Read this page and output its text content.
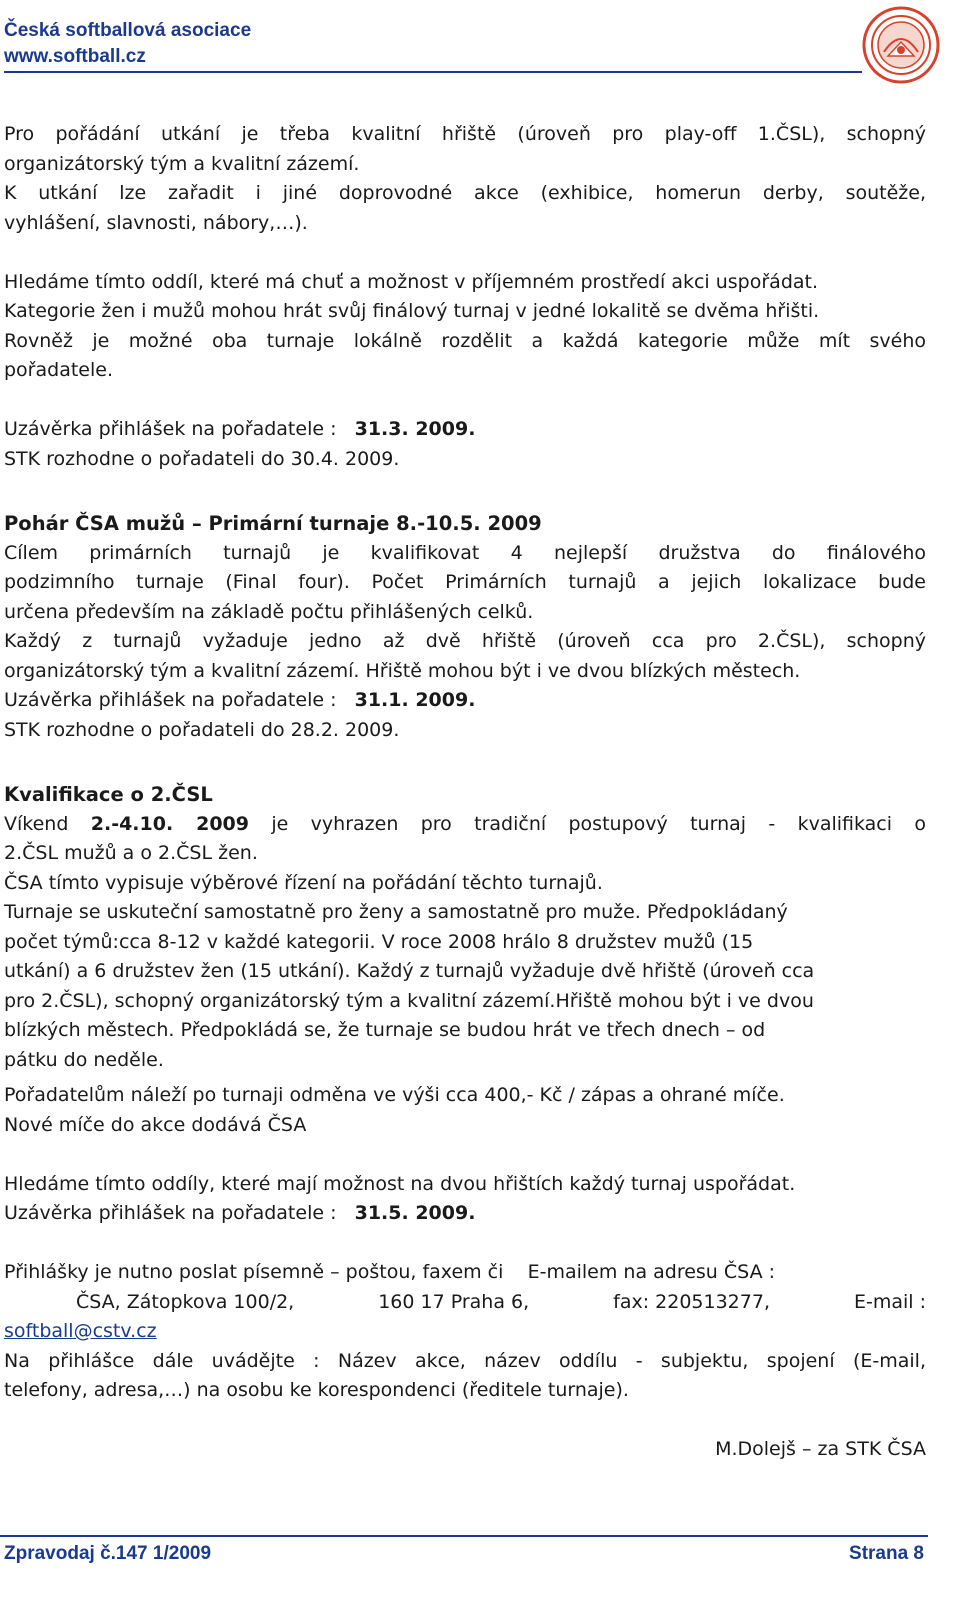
Česká softballová asociace
www.softball.cz

Pro pořádání utkání je třeba kvalitní hřiště (úroveň pro play-off 1.ČSL), schopný

organizátorský tým a kvalitní zázemí.

K utkání lze zařadit i jiné doprovodné akce (exhibice, homerun derby, soutěže,

vyhlášení, slavnosti, nábory,…).

Hledáme tímto oddíl, které má chuť a možnost v příjemném prostředí akci uspořádat.

Kategorie žen i mužů mohou hrát svůj finálový turnaj v jedné lokalitě se dvěma hřišti.

Rovněž je možné oba turnaje lokálně rozdělit a každá kategorie může mít svého

pořadatele.

Uzávěrka přihlášek na pořadatele : 31.3. 2009.

STK rozhodne o pořadateli do 30.4. 2009.

Pohár ČSA mužů – Primární turnaje 8.-10.5. 2009

Cílem primárních turnajů je kvalifikovat 4 nejlepší družstva do finálového

podzimního turnaje (Final four). Počet Primárních turnajů a jejich lokalizace bude

určena především na základě počtu přihlášených celků.

Každý z turnajů vyžaduje jedno až dvě hřiště (úroveň cca pro 2.ČSL), schopný

organizátorský tým a kvalitní zázemí. Hřiště mohou být i ve dvou blízkých městech.

Uzávěrka přihlášek na pořadatele : 31.1. 2009.

STK rozhodne o pořadateli do 28.2. 2009.

Kvalifikace o 2.ČSL

Víkend 2.-4.10. 2009 je vyhrazen pro tradiční postupový turnaj - kvalifikaci o

2.ČSL mužů a o 2.ČSL žen.

ČSA tímto vypisuje výběrové řízení na pořádání těchto turnajů.

Turnaje se uskuteční samostatně pro ženy a samostatně pro muže. Předpokládaný

počet týmů:cca 8-12 v každé kategorii. V roce 2008 hrálo 8 družstev mužů (15

utkání) a 6 družstev žen (15 utkání). Každý z turnajů vyžaduje dvě hřiště (úroveň cca

pro 2.ČSL), schopný organizátorský tým a kvalitní zázemí.Hřiště mohou být i ve dvou

blízkých městech. Předpokládá se, že turnaje se budou hrát ve třech dnech – od

pátku do neděle.

Pořadatelům náleží po turnaji odměna ve výši cca 400,- Kč / zápas a ohrané míče.

Nové míče do akce dodává ČSA

Hledáme tímto oddíly, které mají možnost na dvou hřištích každý turnaj uspořádat.

Uzávěrka přihlášek na pořadatele : 31.5. 2009.

Přihlášky je nutno poslat písemně – poštou, faxem či E-mailem na adresu ČSA :

ČSA, Zátopkova 100/2,	160 17 Praha 6,	fax: 220513277,	E-mail :

softball@cstv.cz

Na přihlášce dále uvádějte : Název akce, název oddílu - subjektu, spojení (E-mail,

telefony, adresa,…) na osobu ke korespondenci (ředitele turnaje).

M.Dolejš – za STK ČSA

Zpravodaj č.147 1/2009	Strana 8
